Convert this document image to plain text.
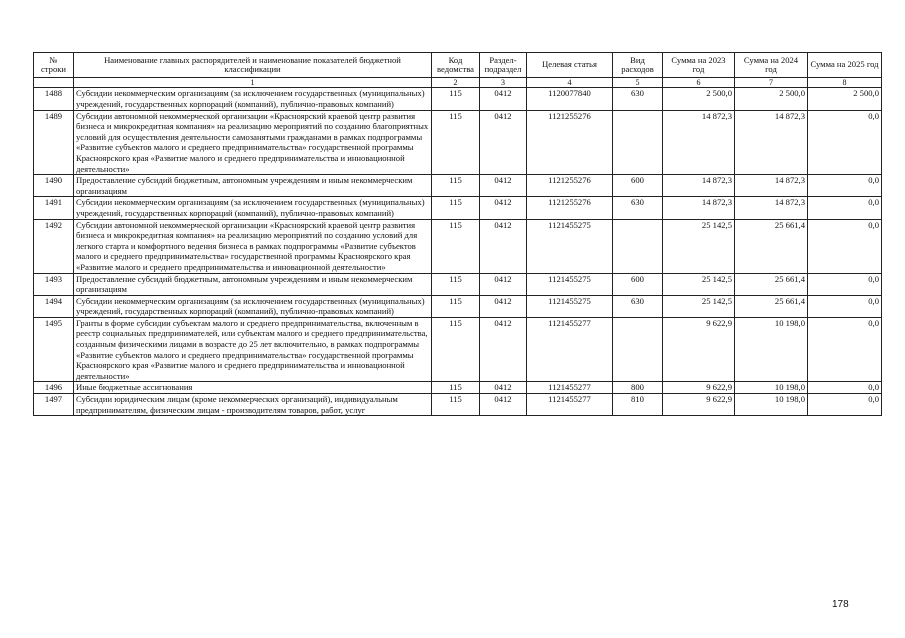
№ строки	Наименование главных распорядителей и наименование показателей бюджетной классификации	Код ведомства	Раздел-подраздел	Целевая статья	Вид расходов	Сумма на 2023 год	Сумма на 2024 год	Сумма на 2025 год
	1	2	3	4	5	6	7	8
1488	Субсидии некоммерческим организациям (за исключением государственных (муниципальных) учреждений, государственных корпораций (компаний), публично-правовых компаний)	115	0412	1120077840	630	2 500,0	2 500,0	2 500,0
1489	Субсидии автономной некоммерческой организации «Красноярский краевой центр развития бизнеса и микрокредитная компания» на реализацию мероприятий по созданию благоприятных условий для осуществления деятельности самозанятыми гражданами в рамках подпрограммы «Развитие субъектов малого и среднего предпринимательства» государственной программы Красноярского края «Развитие малого и среднего предпринимательства и инновационной деятельности»	115	0412	1121255276		14 872,3	14 872,3	0,0
1490	Предоставление субсидий бюджетным, автономным учреждениям и иным некоммерческим организациям	115	0412	1121255276	600	14 872,3	14 872,3	0,0
1491	Субсидии некоммерческим организациям (за исключением государственных (муниципальных) учреждений, государственных корпораций (компаний), публично-правовых компаний)	115	0412	1121255276	630	14 872,3	14 872,3	0,0
1492	Субсидии автономной некоммерческой организации «Красноярский краевой центр развития бизнеса и микрокредитная компания» на реализацию мероприятий по созданию условий для легкого старта и комфортного ведения бизнеса в рамках подпрограммы «Развитие субъектов малого и среднего предпринимательства» государственной программы Красноярского края «Развитие малого и среднего предпринимательства и инновационной деятельности»	115	0412	1121455275		25 142,5	25 661,4	0,0
1493	Предоставление субсидий бюджетным, автономным учреждениям и иным некоммерческим организациям	115	0412	1121455275	600	25 142,5	25 661,4	0,0
1494	Субсидии некоммерческим организациям (за исключением государственных (муниципальных) учреждений, государственных корпораций (компаний), публично-правовых компаний)	115	0412	1121455275	630	25 142,5	25 661,4	0,0
1495	Гранты в форме субсидии субъектам малого и среднего предпринимательства, включенным в реестр социальных предпринимателей, или субъектам малого и среднего предпринимательства, созданным физическими лицами в возрасте до 25 лет включительно, в рамках подпрограммы «Развитие субъектов малого и среднего предпринимательства» государственной программы Красноярского края «Развитие малого и среднего предпринимательства и инновационной деятельности»	115	0412	1121455277		9 622,9	10 198,0	0,0
1496	Иные бюджетные ассигнования	115	0412	1121455277	800	9 622,9	10 198,0	0,0
1497	Субсидии юридическим лицам (кроме некоммерческих организаций), индивидуальным предпринимателям, физическим лицам - производителям товаров, работ, услуг	115	0412	1121455277	810	9 622,9	10 198,0	0,0
178
